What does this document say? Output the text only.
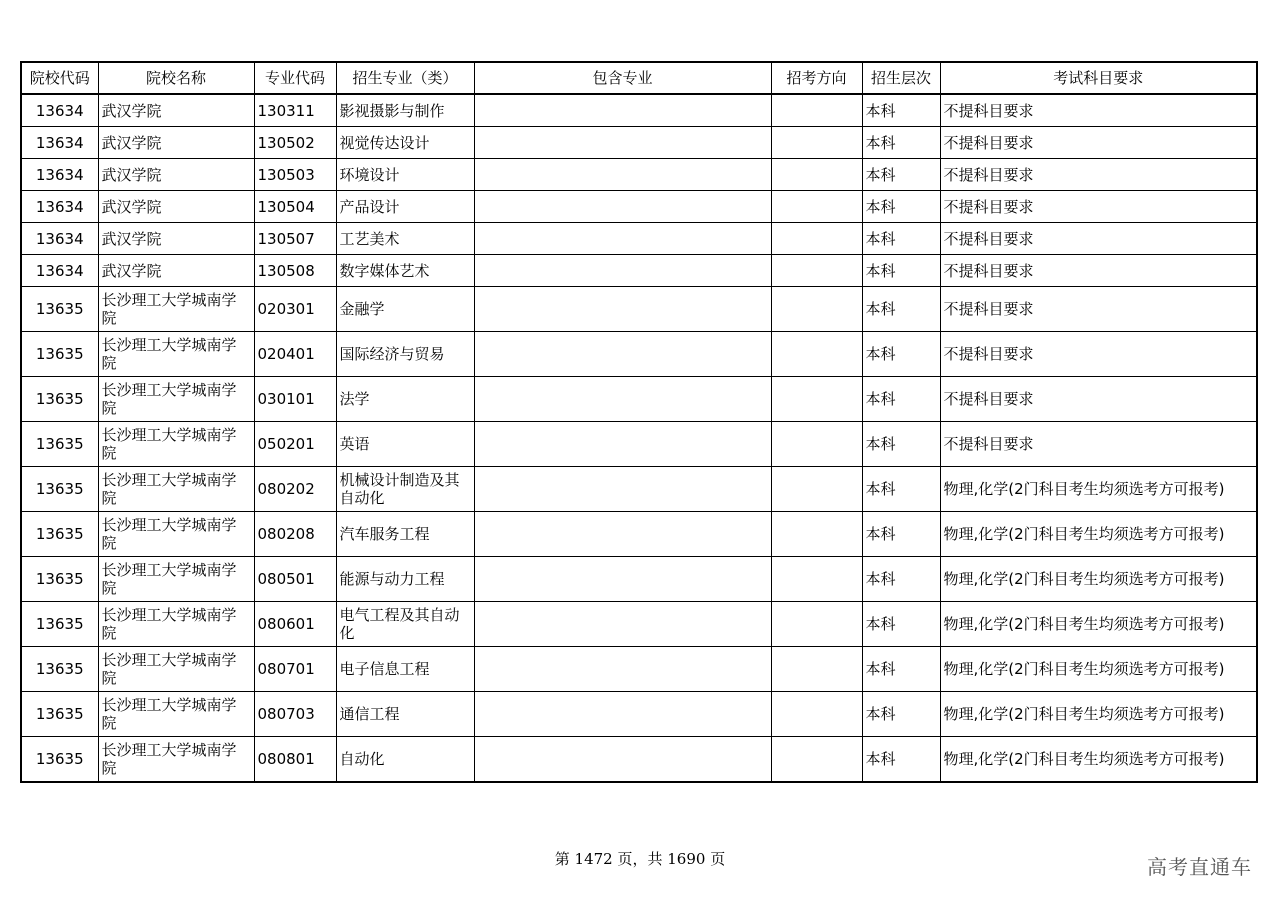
院校代码	院校名称	专业代码	招生专业（类）	包含专业	招考方向	招生层次	考试科目要求
13634	武汉学院	130311	影视摄影与制作			本科	不提科目要求
13634	武汉学院	130502	视觉传达设计			本科	不提科目要求
13634	武汉学院	130503	环境设计			本科	不提科目要求
13634	武汉学院	130504	产品设计			本科	不提科目要求
13634	武汉学院	130507	工艺美术			本科	不提科目要求
13634	武汉学院	130508	数字媒体艺术			本科	不提科目要求
13635	长沙理工大学城南学院	020301	金融学			本科	不提科目要求
13635	长沙理工大学城南学院	020401	国际经济与贸易			本科	不提科目要求
13635	长沙理工大学城南学院	030101	法学			本科	不提科目要求
13635	长沙理工大学城南学院	050201	英语			本科	不提科目要求
13635	长沙理工大学城南学院	080202	机械设计制造及其自动化			本科	物理,化学(2门科目考生均须选考方可报考)
13635	长沙理工大学城南学院	080208	汽车服务工程			本科	物理,化学(2门科目考生均须选考方可报考)
13635	长沙理工大学城南学院	080501	能源与动力工程			本科	物理,化学(2门科目考生均须选考方可报考)
13635	长沙理工大学城南学院	080601	电气工程及其自动化			本科	物理,化学(2门科目考生均须选考方可报考)
13635	长沙理工大学城南学院	080701	电子信息工程			本科	物理,化学(2门科目考生均须选考方可报考)
13635	长沙理工大学城南学院	080703	通信工程			本科	物理,化学(2门科目考生均须选考方可报考)
13635	长沙理工大学城南学院	080801	自动化			本科	物理,化学(2门科目考生均须选考方可报考)
第 1472 页，共 1690 页	高考直通车
